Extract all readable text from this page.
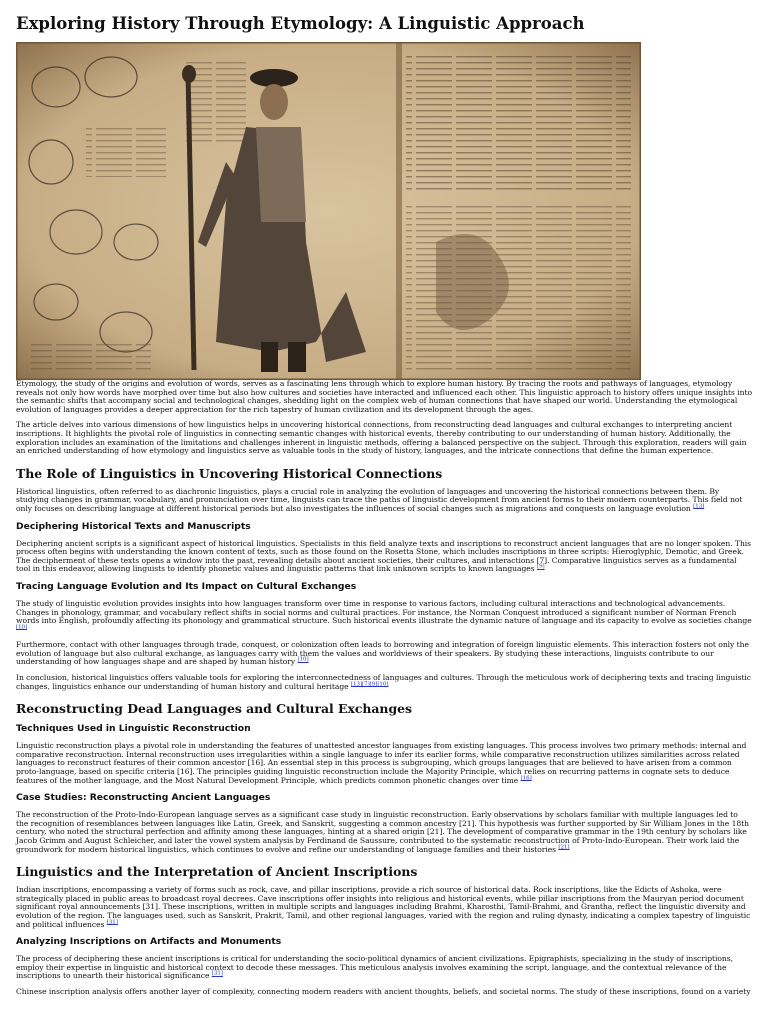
Exploring History Through Etymology: A Linguistic Approach

Etymology, the study of the origins and evolution of words, serves as a fascinating lens through which to explore human history. By tracing the roots and pathways of languages, etymology reveals not only how words have morphed over time but also how cultures and societies have interacted and influenced each other. This linguistic approach to history offers unique insights into the semantic shifts that accompany social and technological changes, shedding light on the complex web of human connections that have shaped our world. Understanding the etymological evolution of languages provides a deeper appreciation for the rich tapestry of human civilization and its development through the ages.

The article delves into various dimensions of how linguistics helps in uncovering historical connections, from reconstructing dead languages and cultural exchanges to interpreting ancient inscriptions. It highlights the pivotal role of linguistics in connecting semantic changes with historical events, thereby contributing to our understanding of human history. Additionally, the exploration includes an examination of the limitations and challenges inherent in linguistic methods, offering a balanced perspective on the subject. Through this exploration, readers will gain an enriched understanding of how etymology and linguistics serve as valuable tools in the study of history, languages, and the intricate connections that define the human experience.

The Role of Linguistics in Uncovering Historical Connections

Historical linguistics, often referred to as diachronic linguistics, plays a crucial role in analyzing the evolution of languages and uncovering the historical connections between them. By studying changes in grammar, vocabulary, and pronunciation over time, linguists can trace the paths of linguistic development from ancient forms to their modern counterparts. This field not only focuses on describing language at different historical periods but also investigates the influences of social changes such as migrations and conquests on language evolution [13]

Deciphering Historical Texts and Manuscripts

Deciphering ancient scripts is a significant aspect of historical linguistics. Specialists in this field analyze texts and inscriptions to reconstruct ancient languages that are no longer spoken. This process often begins with understanding the known content of texts, such as those found on the Rosetta Stone, which includes inscriptions in three scripts: Hieroglyphic, Demotic, and Greek. The decipherment of these texts opens a window into the past, revealing details about ancient societies, their cultures, and interactions [7]. Comparative linguistics serves as a fundamental tool in this endeavor, allowing linguists to identify phonetic values and linguistic patterns that link unknown scripts to known languages [9]

Tracing Language Evolution and Its Impact on Cultural Exchanges

The study of linguistic evolution provides insights into how languages transform over time in response to various factors, including cultural interactions and technological advancements. Changes in phonology, grammar, and vocabulary reflect shifts in social norms and cultural practices. For instance, the Norman Conquest introduced a significant number of Norman French words into English, profoundly affecting its phonology and grammatical structure. Such historical events illustrate the dynamic nature of language and its capacity to evolve as societies change [10]

Furthermore, contact with other languages through trade, conquest, or colonization often leads to borrowing and integration of foreign linguistic elements. This interaction fosters not only the evolution of language but also cultural exchange, as languages carry with them the values and worldviews of their speakers. By studying these interactions, linguists contribute to our understanding of how languages shape and are shaped by human history [10]

In conclusion, historical linguistics offers valuable tools for exploring the interconnectedness of languages and cultures. Through the meticulous work of deciphering texts and tracing linguistic changes, linguistics enhance our understanding of human history and cultural heritage [13][7][9][10]

Reconstructing Dead Languages and Cultural Exchanges
Techniques Used in Linguistic Reconstruction

Linguistic reconstruction plays a pivotal role in understanding the features of unattested ancestor languages from existing languages. This process involves two primary methods: internal and comparative reconstruction. Internal reconstruction uses irregularities within a single language to infer its earlier forms, while comparative reconstruction utilizes similarities across related languages to reconstruct features of their common ancestor [16]. An essential step in this process is subgrouping, which groups languages that are believed to have arisen from a common proto-language, based on specific criteria [16]. The principles guiding linguistic reconstruction include the Majority Principle, which relies on recurring patterns in cognate sets to deduce features of the mother language, and the Most Natural Development Principle, which predicts common phonetic changes over time [16]

Case Studies: Reconstructing Ancient Languages

The reconstruction of the Proto-Indo-European language serves as a significant case study in linguistic reconstruction. Early observations by scholars familiar with multiple languages led to the recognition of resemblances between languages like Latin, Greek, and Sanskrit, suggesting a common ancestry [21]. This hypothesis was further supported by Sir William Jones in the 18th century, who noted the structural perfection and affinity among these languages, hinting at a shared origin [21]. The development of comparative grammar in the 19th century by scholars like Jacob Grimm and August Schleicher, and later the vowel system analysis by Ferdinand de Saussure, contributed to the systematic reconstruction of Proto-Indo-European. Their work laid the groundwork for modern historical linguistics, which continues to evolve and refine our understanding of language families and their histories [21]

Linguistics and the Interpretation of Ancient Inscriptions

Indian inscriptions, encompassing a variety of forms such as rock, cave, and pillar inscriptions, provide a rich source of historical data. Rock inscriptions, like the Edicts of Ashoka, were strategically placed in public areas to broadcast royal decrees. Cave inscriptions offer insights into religious and historical events, while pillar inscriptions from the Mauryan period document significant royal announcements [31]. These inscriptions, written in multiple scripts and languages including Brahmi, Kharosthi, Tamil-Brahmi, and Grantha, reflect the linguistic diversity and evolution of the region. The languages used, such as Sanskrit, Prakrit, Tamil, and other regional languages, varied with the region and ruling dynasty, indicating a complex tapestry of linguistic and political influences [31]

Analyzing Inscriptions on Artifacts and Monuments

The process of deciphering these ancient inscriptions is critical for understanding the socio-political dynamics of ancient civilizations. Epigraphists, specializing in the study of inscriptions, employ their expertise in linguistic and historical context to decode these messages. This meticulous analysis involves examining the script, language, and the contextual relevance of the inscriptions to unearth their historical significance [31]

Chinese inscription analysis offers another layer of complexity, connecting modern readers with ancient thoughts, beliefs, and societal norms. The study of these inscriptions, found on a variety
